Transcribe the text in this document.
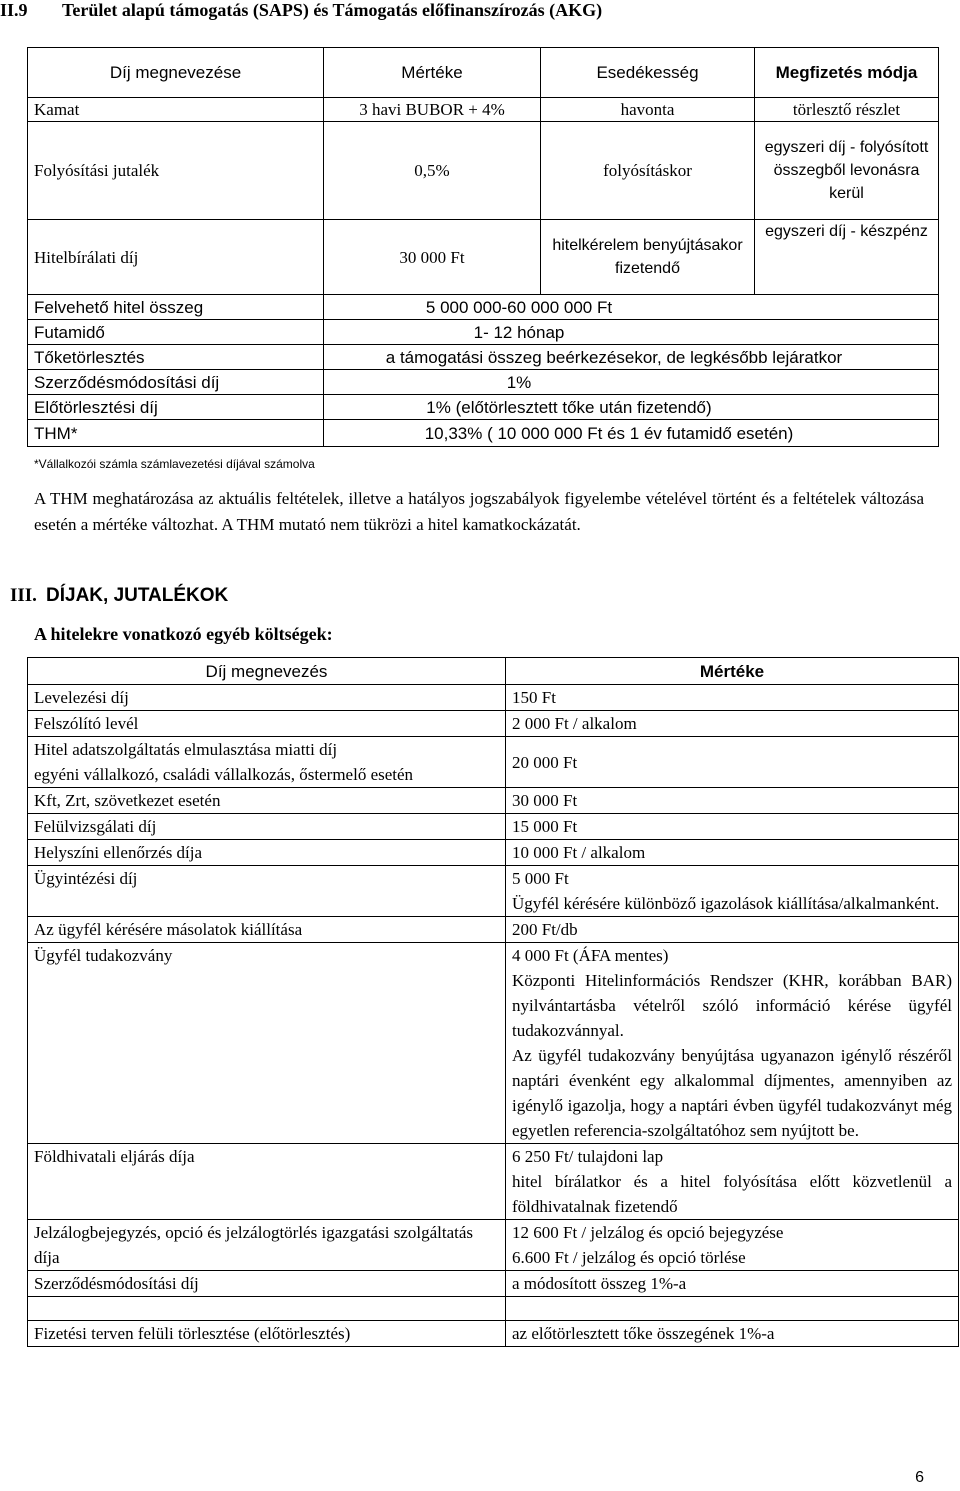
II.9 Terület alapú támogatás (SAPS) és Támogatás előfinanszírozás (AKG)
Díj megnevezése	Mértéke	Esedékesség	Megfizetés módja
Kamat	3 havi BUBOR + 4%	havonta	törlesztő részlet
Folyósítási jutalék	0,5%	folyósításkor	egyszeri díj - folyósított összegből levonásra kerül
Hitelbírálati díj	30 000 Ft	hitelkérelem benyújtásakor fizetendő	egyszeri díj - készpénz
Felvehető hitel összeg	5 000 000-60 000 000 Ft		
Futamidő	1- 12 hónap		
Tőketörlesztés	a támogatási összeg beérkezésekor, de legkésőbb lejáratkor		
Szerződésmódosítási díj	1%		
Előtörlesztési díj	1% (előtörlesztett tőke után fizetendő)		
THM*	10,33% ( 10 000 000 Ft és 1 év futamidő esetén)		
*Vállalkozói számla számlavezetési díjával számolva
A THM meghatározása az aktuális feltételek, illetve a hatályos jogszabályok figyelembe vételével történt és a feltételek változása esetén a mértéke változhat. A THM mutató nem tükrözi a hitel kamatkockázatát.
III. DÍJAK, JUTALÉKOK
A hitelekre vonatkozó egyéb költségek:
Díj megnevezés	Mértéke
Levelezési díj	150 Ft
Felszólító levél	2 000 Ft / alkalom

Hitel adatszolgáltatás elmulasztása miatti díj
egyéni vállalkozó, családi vállalkozás, őstermelő esetén	20 000 Ft
Kft, Zrt, szövetkezet esetén	30 000 Ft
Felülvizsgálati díj	15 000 Ft
Helyszíni ellenőrzés díja	10 000 Ft / alkalom
Ügyintézési díj	5 000 Ft
Ügyfél kérésére különböző igazolások kiállítása/alkalmanként.

Az ügyfél kérésére másolatok kiállítása	200 Ft/db
Ügyfél tudakozvány	4 000 Ft (ÁFA mentes)
Központi Hitelinformációs Rendszer (KHR, korábban BAR) nyilvántartásba vételről szóló információ kérése ügyfél tudakozvánnyal.
Az ügyfél tudakozvány benyújtása ugyanazon igénylő részéről naptári évenként egy alkalommal díjmentes, amennyiben az igénylő igazolja, hogy a naptári évben ügyfél tudakozványt még egyetlen referencia-szolgáltatóhoz sem nyújtott be.

Földhivatali eljárás díja	6 250 Ft/ tulajdoni lap
hitel bírálatkor és a hitel folyósítása előtt közvetlenül a földhivatalnak fizetendő

Jelzálogbejegyzés, opció és jelzálogtörlés igazgatási szolgáltatás díja	12 600 Ft / jelzálog és opció bejegyzése
6.600 Ft / jelzálog és opció törlése

Szerződésmódosítási díj	a módosított összeg 1%-a

Fizetési terven felüli törlesztése (előtörlesztés)	az előtörlesztett tőke összegének 1%-a
6
